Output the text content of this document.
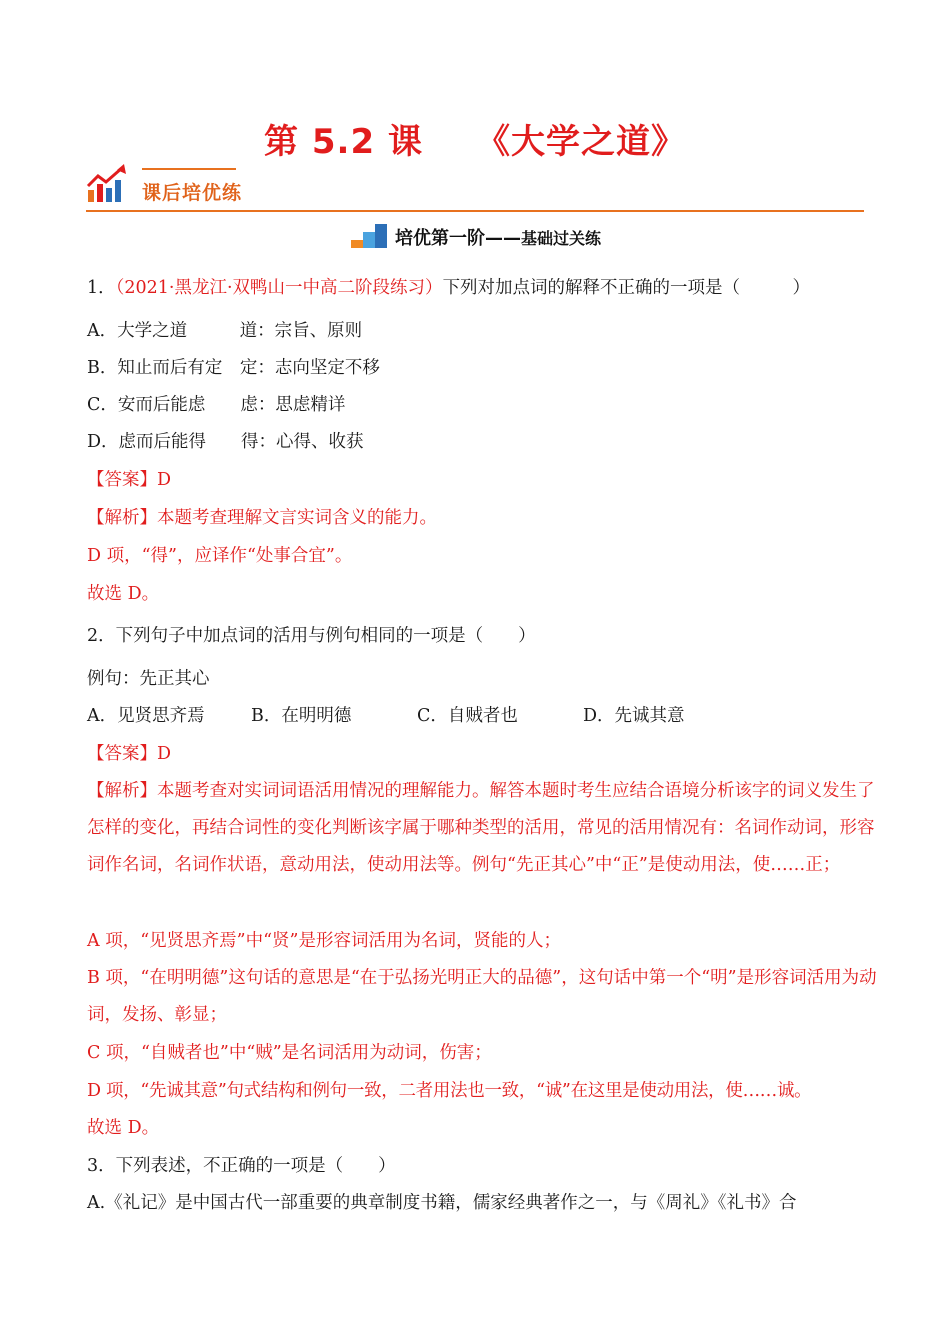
第 5.2 课　　《大学之道》
课后培优练
培优第一阶——基础过关练
1．（2021·黑龙江·双鸭山一中高二阶段练习）下列对加点词的解释不正确的一项是（　　　）
A．大学之道　　　道：宗旨、原则
B．知止而后有定　定：志向坚定不移
C．安而后能虑　　虑：思虑精详
D．虑而后能得　　得：心得、收获
【答案】D
【解析】本题考查理解文言实词含义的能力。
D 项，“得”，应译作“处事合宜”。
故选 D。
2．下列句子中加点词的活用与例句相同的一项是（　　）
例句：先正其心
A．见贤思齐焉	B．在明明德	C．自贼者也	D．先诚其意
【答案】D
【解析】本题考查对实词词语活用情况的理解能力。解答本题时考生应结合语境分析该字的词义发生了怎样的变化，再结合词性的变化判断该字属于哪种类型的活用，常见的活用情况有：名词作动词，形容词作名词，名词作状语，意动用法，使动用法等。例句“先正其心”中“正”是使动用法，使……正；
A 项，“见贤思齐焉”中“贤”是形容词活用为名词，贤能的人；
B 项，“在明明德”这句话的意思是“在于弘扬光明正大的品德”，这句话中第一个“明”是形容词活用为动词，发扬、彰显；
C 项，“自贼者也”中“贼”是名词活用为动词，伤害；
D 项，“先诚其意”句式结构和例句一致，二者用法也一致，“诚”在这里是使动用法，使……诚。
故选 D。
3．下列表述，不正确的一项是（　　）
A.《礼记》是中国古代一部重要的典章制度书籍，儒家经典著作之一，与《周礼》《礼书》合
